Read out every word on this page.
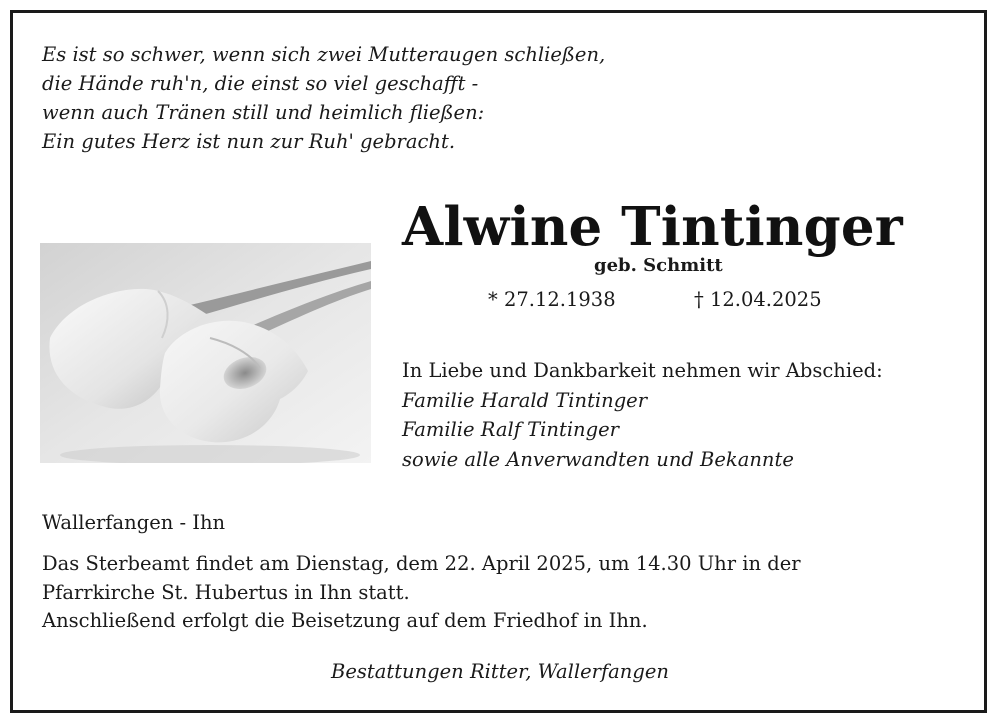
Es ist so schwer, wenn sich zwei Mutteraugen schließen,
die Hände ruh'n, die einst so viel geschafft -
wenn auch Tränen still und heimlich fließen:
Ein gutes Herz ist nun zur Ruh' gebracht.
Alwine Tintinger
geb. Schmitt
* 27.12.1938	† 12.04.2025
In Liebe und Dankbarkeit nehmen wir Abschied:
Familie Harald Tintinger
Familie Ralf Tintinger
sowie alle Anverwandten und Bekannte
Wallerfangen - Ihn
Das Sterbeamt findet am Dienstag, dem 22. April 2025, um 14.30 Uhr in der
Pfarrkirche St. Hubertus in Ihn statt.
Anschließend erfolgt die Beisetzung auf dem Friedhof in Ihn.
Bestattungen Ritter, Wallerfangen
